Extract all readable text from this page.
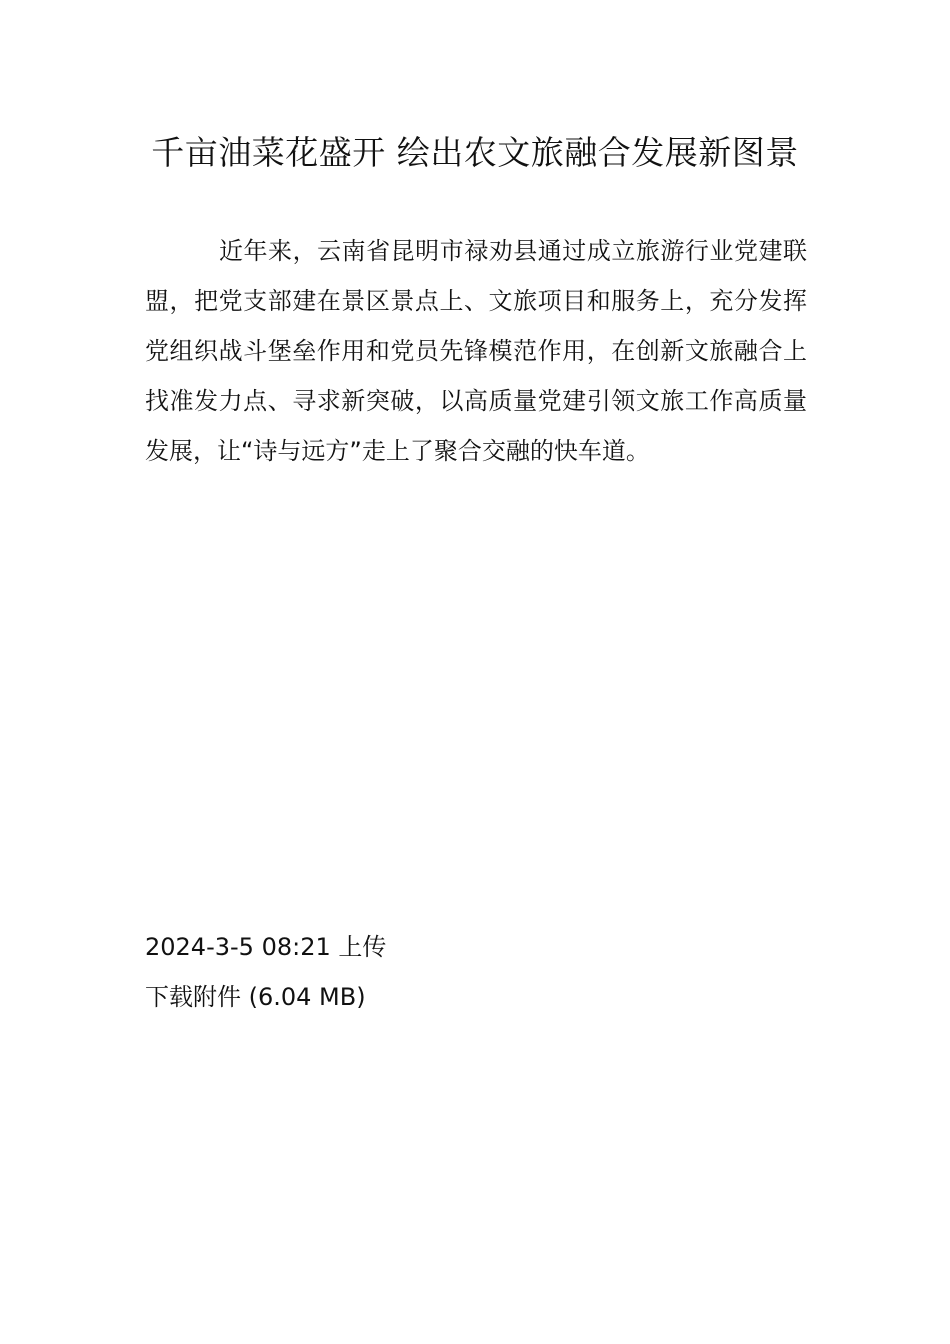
千亩油菜花盛开 绘出农文旅融合发展新图景

近年来，云南省昆明市禄劝县通过成立旅游行业党建联盟，把党支部建在景区景点上、文旅项目和服务上，充分发挥党组织战斗堡垒作用和党员先锋模范作用，在创新文旅融合上找准发力点、寻求新突破，以高质量党建引领文旅工作高质量发展，让“诗与远方”走上了聚合交融的快车道。

2024-3-5 08:21 上传

下载附件 (6.04 MB)
